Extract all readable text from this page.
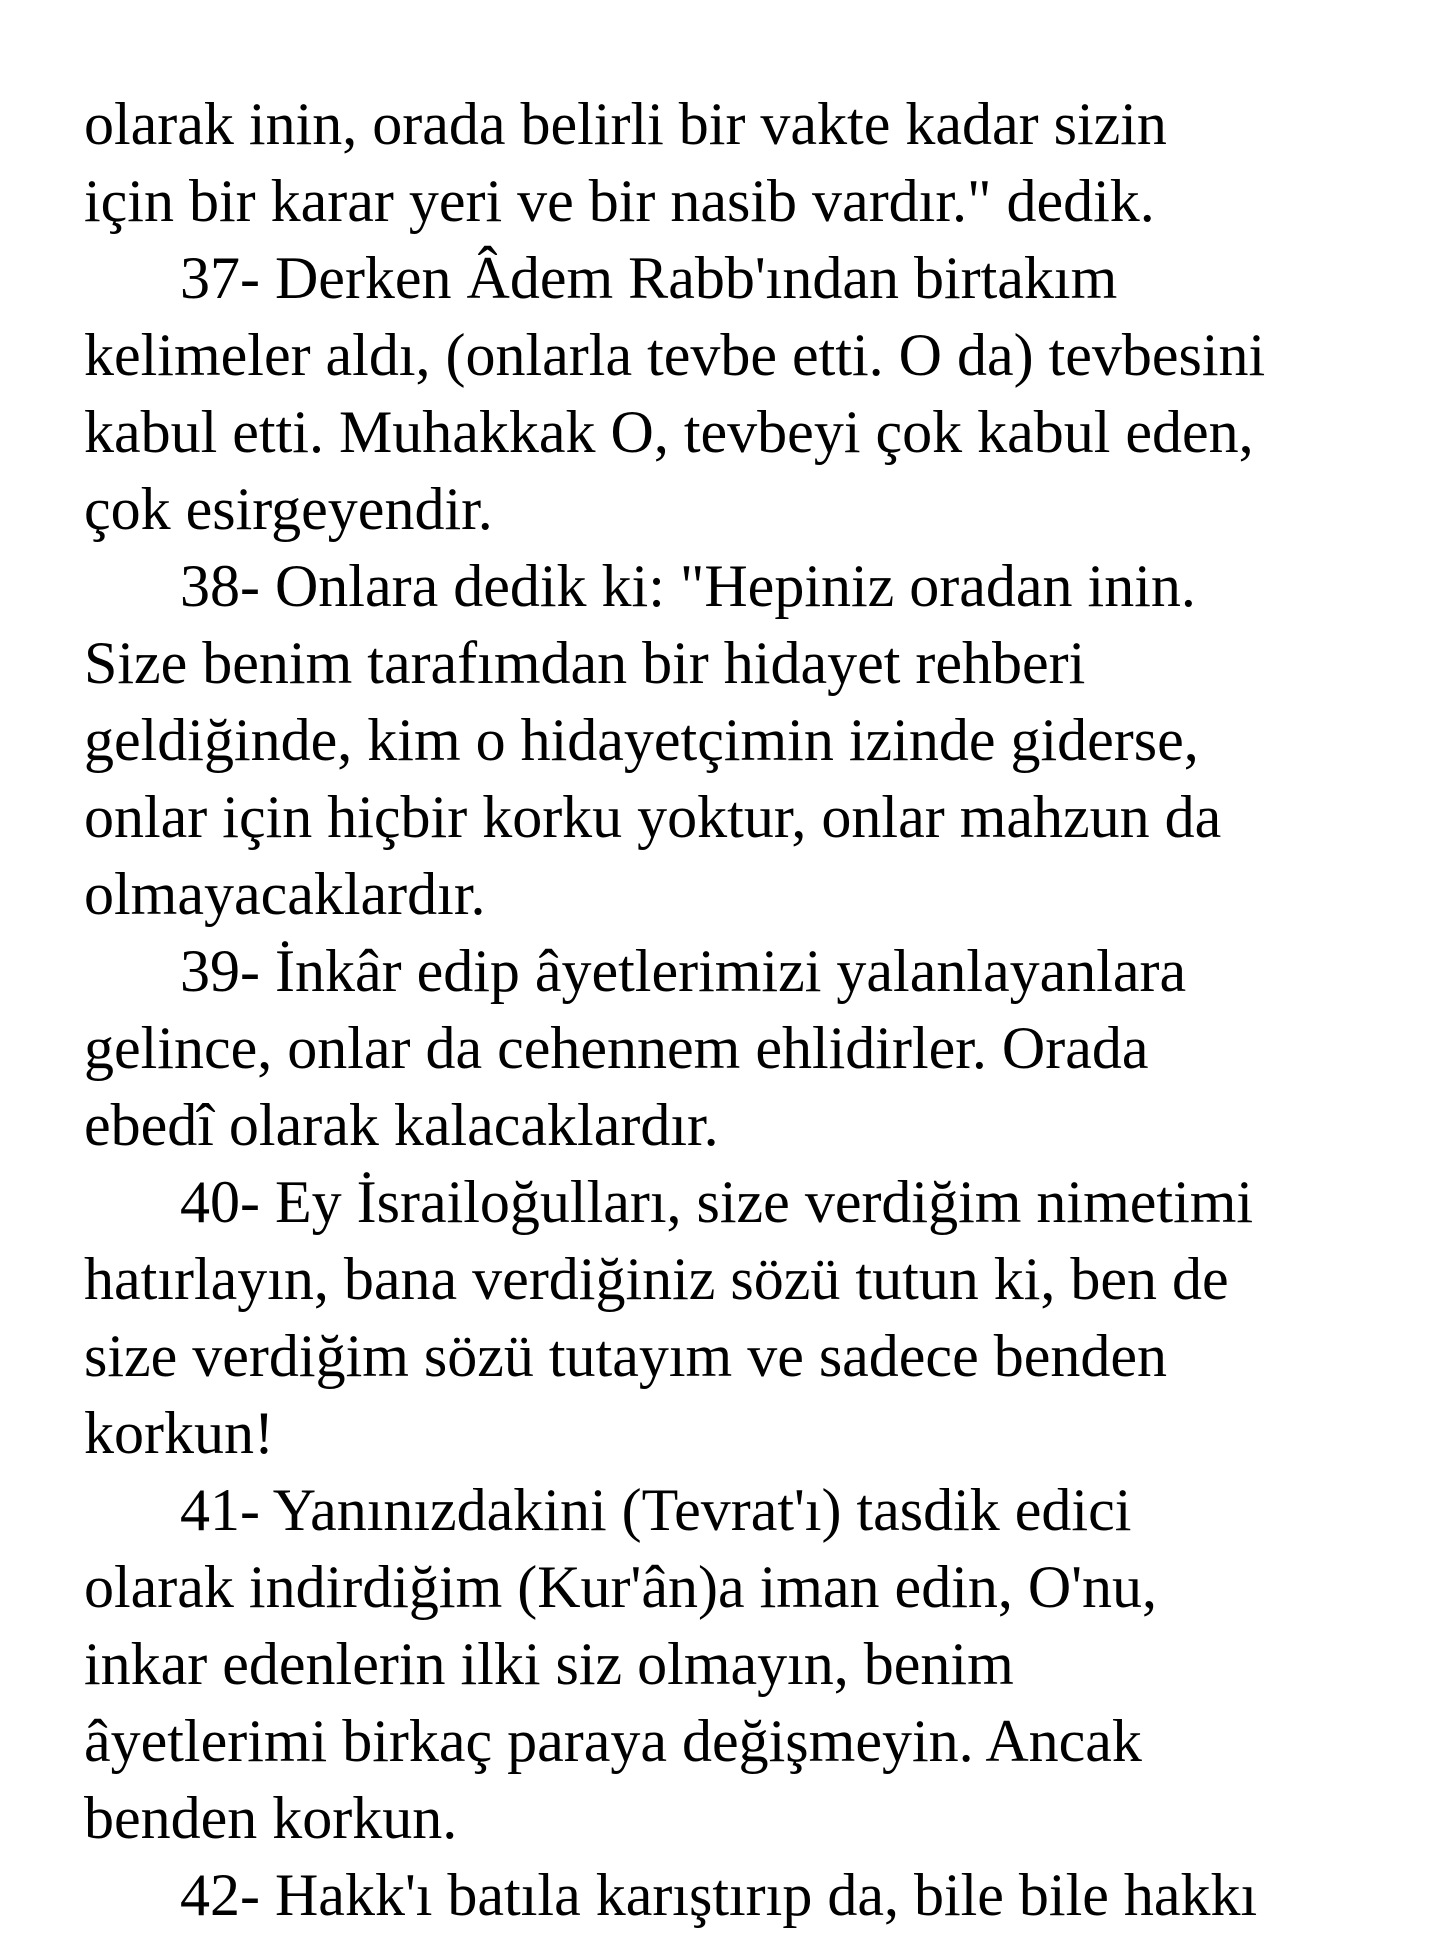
olarak inin, orada belirli bir vakte kadar sizin
için bir karar yeri ve bir nasib vardır." dedik.
37- Derken Âdem Rabb'ından birtakım
kelimeler aldı, (onlarla tevbe etti. O da) tevbesini
kabul etti. Muhakkak O, tevbeyi çok kabul eden,
çok esirgeyendir.
38- Onlara dedik ki: "Hepiniz oradan inin.
Size benim tarafımdan bir hidayet rehberi
geldiğinde, kim o hidayetçimin izinde giderse,
onlar için hiçbir korku yoktur, onlar mahzun da
olmayacaklardır.
39- İnkâr edip âyetlerimizi yalanlayanlara
gelince, onlar da cehennem ehlidirler. Orada
ebedî olarak kalacaklardır.
40- Ey İsrailoğulları, size verdiğim nimetimi
hatırlayın, bana verdiğiniz sözü tutun ki, ben de
size verdiğim sözü tutayım ve sadece benden
korkun!
41- Yanınızdakini (Tevrat'ı) tasdik edici
olarak indirdiğim (Kur'ân)a iman edin, O'nu,
inkar edenlerin ilki siz olmayın, benim
âyetlerimi birkaç paraya değişmeyin. Ancak
benden korkun.
42- Hakk'ı batıla karıştırıp da, bile bile hakkı
